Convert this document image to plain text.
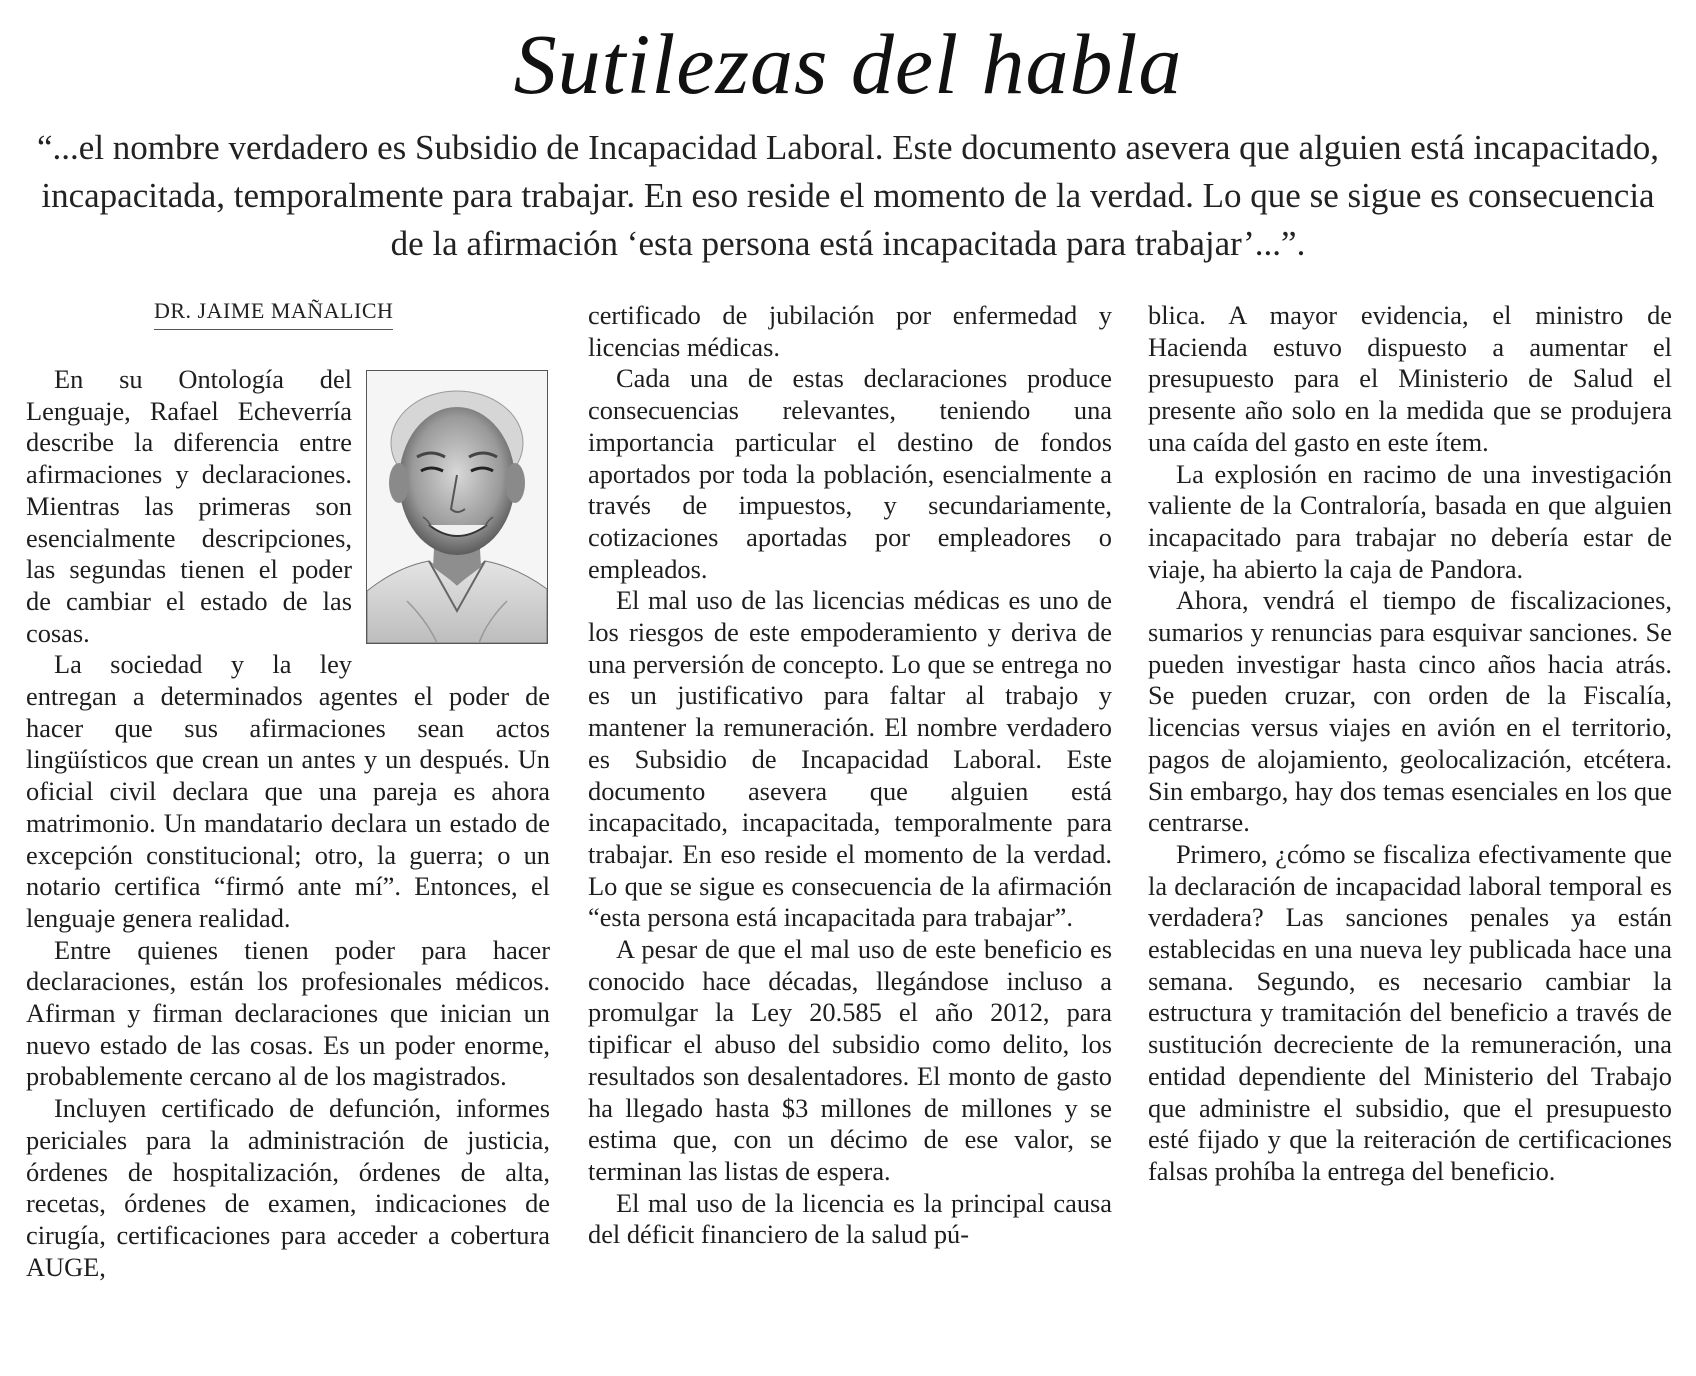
Sutilezas del habla

“...el nombre verdadero es Subsidio de Incapacidad Laboral. Este documento asevera que alguien está incapacitado, incapacitada, temporalmente para trabajar. En eso reside el momento de la verdad. Lo que se sigue es consecuencia de la afirmación ‘esta persona está incapacitada para trabajar’...”.

DR. JAIME MAÑALICH

En su Ontología del Lenguaje, Rafael Echeverría describe la diferencia entre afirmaciones y declaraciones. Mientras las primeras son esencialmente descripciones, las segundas tienen el poder de cambiar el estado de las cosas.

La sociedad y la ley entregan a determinados agentes el poder de hacer que sus afirmaciones sean actos lingüísticos que crean un antes y un después. Un oficial civil declara que una pareja es ahora matrimonio. Un mandatario declara un estado de excepción constitucional; otro, la guerra; o un notario certifica “firmó ante mí”. Entonces, el lenguaje genera realidad.

Entre quienes tienen poder para hacer declaraciones, están los profesionales médicos. Afirman y firman declaraciones que inician un nuevo estado de las cosas. Es un poder enorme, probablemente cercano al de los magistrados.

Incluyen certificado de defunción, informes periciales para la administración de justicia, órdenes de hospitalización, órdenes de alta, recetas, órdenes de examen, indicaciones de cirugía, certificaciones para acceder a cobertura AUGE,

certificado de jubilación por enfermedad y licencias médicas.

Cada una de estas declaraciones produce consecuencias relevantes, teniendo una importancia particular el destino de fondos aportados por toda la población, esencialmente a través de impuestos, y secundariamente, cotizaciones aportadas por empleadores o empleados.

El mal uso de las licencias médicas es uno de los riesgos de este empoderamiento y deriva de una perversión de concepto. Lo que se entrega no es un justificativo para faltar al trabajo y mantener la remuneración. El nombre verdadero es Subsidio de Incapacidad Laboral. Este documento asevera que alguien está incapacitado, incapacitada, temporalmente para trabajar. En eso reside el momento de la verdad. Lo que se sigue es consecuencia de la afirmación “esta persona está incapacitada para trabajar”.

A pesar de que el mal uso de este beneficio es conocido hace décadas, llegándose incluso a promulgar la Ley 20.585 el año 2012, para tipificar el abuso del subsidio como delito, los resultados son desalentadores. El monto de gasto ha llegado hasta $3 millones de millones y se estima que, con un décimo de ese valor, se terminan las listas de espera.

El mal uso de la licencia es la principal causa del déficit financiero de la salud pú-

blica. A mayor evidencia, el ministro de Hacienda estuvo dispuesto a aumentar el presupuesto para el Ministerio de Salud el presente año solo en la medida que se produjera una caída del gasto en este ítem.

La explosión en racimo de una investigación valiente de la Contraloría, basada en que alguien incapacitado para trabajar no debería estar de viaje, ha abierto la caja de Pandora.

Ahora, vendrá el tiempo de fiscalizaciones, sumarios y renuncias para esquivar sanciones. Se pueden investigar hasta cinco años hacia atrás. Se pueden cruzar, con orden de la Fiscalía, licencias versus viajes en avión en el territorio, pagos de alojamiento, geolocalización, etcétera. Sin embargo, hay dos temas esenciales en los que centrarse.

Primero, ¿cómo se fiscaliza efectivamente que la declaración de incapacidad laboral temporal es verdadera? Las sanciones penales ya están establecidas en una nueva ley publicada hace una semana. Segundo, es necesario cambiar la estructura y tramitación del beneficio a través de sustitución decreciente de la remuneración, una entidad dependiente del Ministerio del Trabajo que administre el subsidio, que el presupuesto esté fijado y que la reiteración de certificaciones falsas prohíba la entrega del beneficio.
